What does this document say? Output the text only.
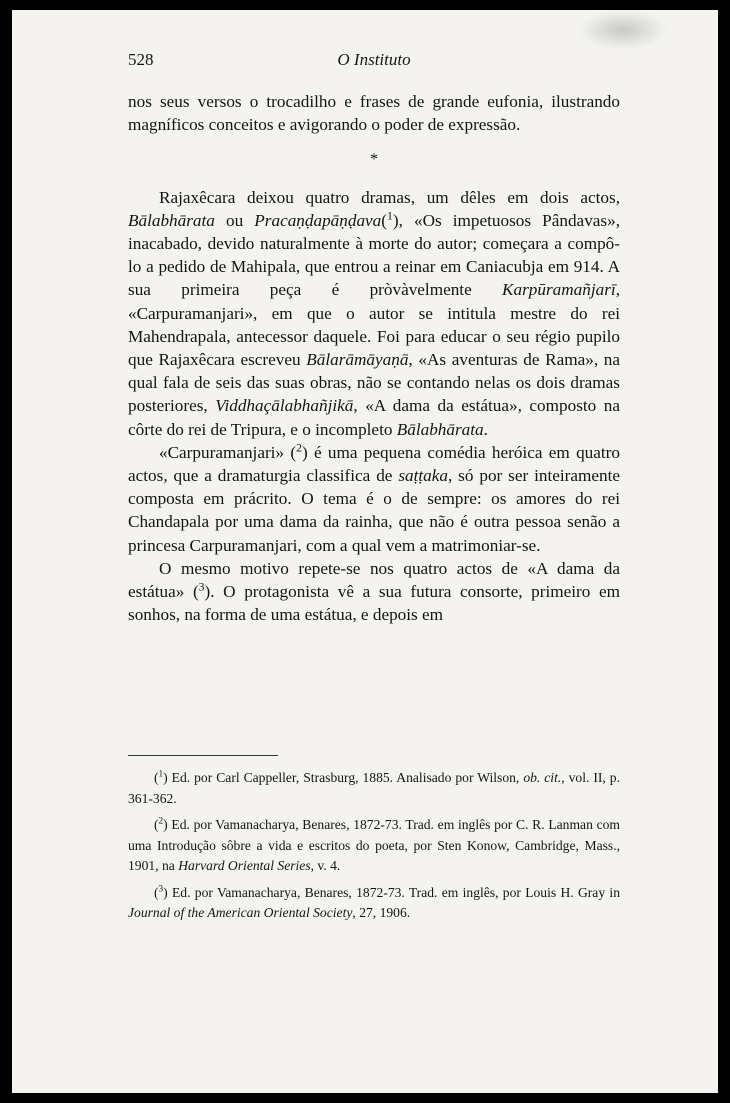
528	O Instituto

nos seus versos o trocadilho e frases de grande eufonia, ilustrando magníficos conceitos e avigorando o poder de expressão.

*

Rajaxêcara deixou quatro dramas, um dêles em dois actos, Bālabhārata ou Pracaṇḍapāṇḍava($^1$), «Os impetuosos Pândavas», inacabado, devido naturalmente à morte do autor; começara a compô-lo a pedido de Mahipala, que entrou a reinar em Caniacubja em 914. A sua primeira peça é pròvàvelmente Karpūramañjarī, «Carpuramanjari», em que o autor se intitula mestre do rei Mahendrapala, antecessor daquele. Foi para educar o seu régio pupilo que Rajaxêcara escreveu Bālarāmāyaṇā, «As aventuras de Rama», na qual fala de seis das suas obras, não se contando nelas os dois dramas posteriores, Viddhaçālabhañjikā, «A dama da estátua», composto na côrte do rei de Tripura, e o incompleto Bālabhārata.

«Carpuramanjari» ($^2$) é uma pequena comédia heróica em quatro actos, que a dramaturgia classifica de saṭṭaka, só por ser inteiramente composta em prácrito. O tema é o de sempre: os amores do rei Chandapala por uma dama da rainha, que não é outra pessoa senão a princesa Carpuramanjari, com a qual vem a matrimoniar-se.

O mesmo motivo repete-se nos quatro actos de «A dama da estátua» ($^3$). O protagonista vê a sua futura consorte, primeiro em sonhos, na forma de uma estátua, e depois em

($^1$) Ed. por Carl Cappeller, Strasburg, 1885. Analisado por Wilson, ob. cit., vol. II, p. 361-362.

($^2$) Ed. por Vamanacharya, Benares, 1872-73. Trad. em inglês por C. R. Lanman com uma Introdução sôbre a vida e escritos do poeta, por Sten Konow, Cambridge, Mass., 1901, na Harvard Oriental Series, v. 4.

($^3$) Ed. por Vamanacharya, Benares, 1872-73. Trad. em inglês, por Louis H. Gray in Journal of the American Oriental Society, 27, 1906.
